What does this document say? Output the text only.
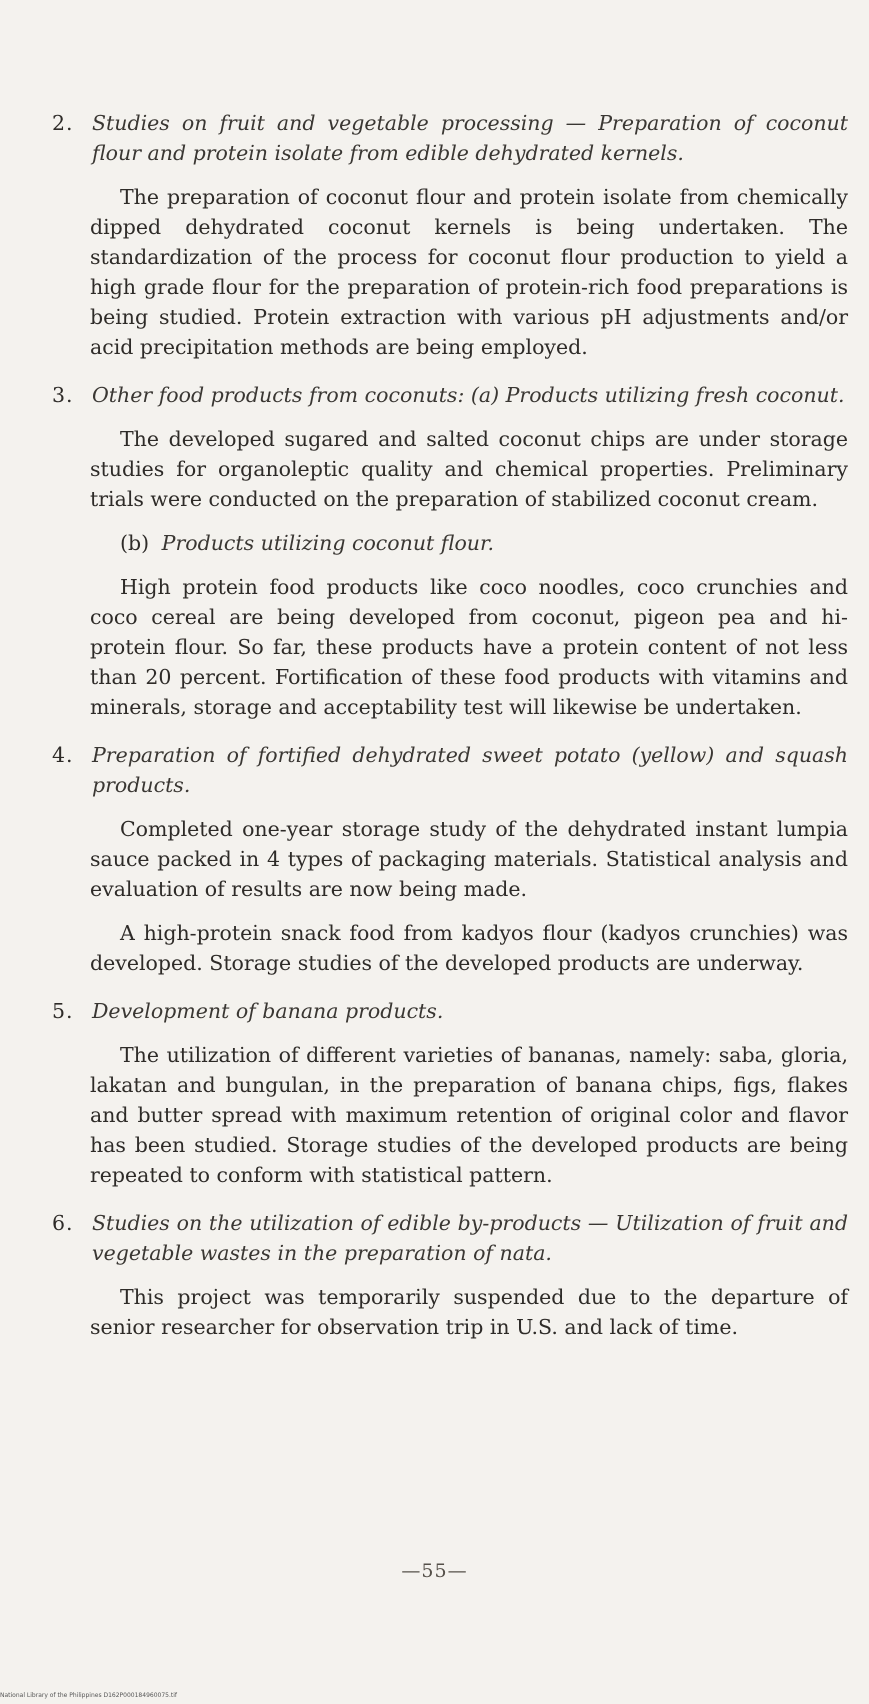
2. Studies on fruit and vegetable processing — Preparation of coconut flour and protein isolate from edible dehydrated kernels.

The preparation of coconut flour and protein isolate from chemically dipped dehydrated coconut kernels is being undertaken. The standardization of the process for coconut flour production to yield a high grade flour for the preparation of protein-rich food preparations is being studied. Protein extraction with various pH adjustments and/or acid precipitation methods are being employed.

3. Other food products from coconuts: (a) Products utilizing fresh coconut.

The developed sugared and salted coconut chips are under storage studies for organoleptic quality and chemical properties. Preliminary trials were conducted on the preparation of stabilized coconut cream.

(b) Products utilizing coconut flour.

High protein food products like coco noodles, coco crunchies and coco cereal are being developed from coconut, pigeon pea and hi-protein flour. So far, these products have a protein content of not less than 20 percent. Fortification of these food products with vitamins and minerals, storage and acceptability test will likewise be undertaken.

4. Preparation of fortified dehydrated sweet potato (yellow) and squash products.

Completed one-year storage study of the dehydrated instant lumpia sauce packed in 4 types of packaging materials. Statistical analysis and evaluation of results are now being made.

A high-protein snack food from kadyos flour (kadyos crunchies) was developed. Storage studies of the developed products are underway.

5. Development of banana products.

The utilization of different varieties of bananas, namely: saba, gloria, lakatan and bungulan, in the preparation of banana chips, figs, flakes and butter spread with maximum retention of original color and flavor has been studied. Storage studies of the developed products are being repeated to conform with statistical pattern.

6. Studies on the utilization of edible by-products — Utilization of fruit and vegetable wastes in the preparation of nata.

This project was temporarily suspended due to the departure of senior researcher for observation trip in U.S. and lack of time.

—55—
National Library of the Philippines D162P000184960075.tif
